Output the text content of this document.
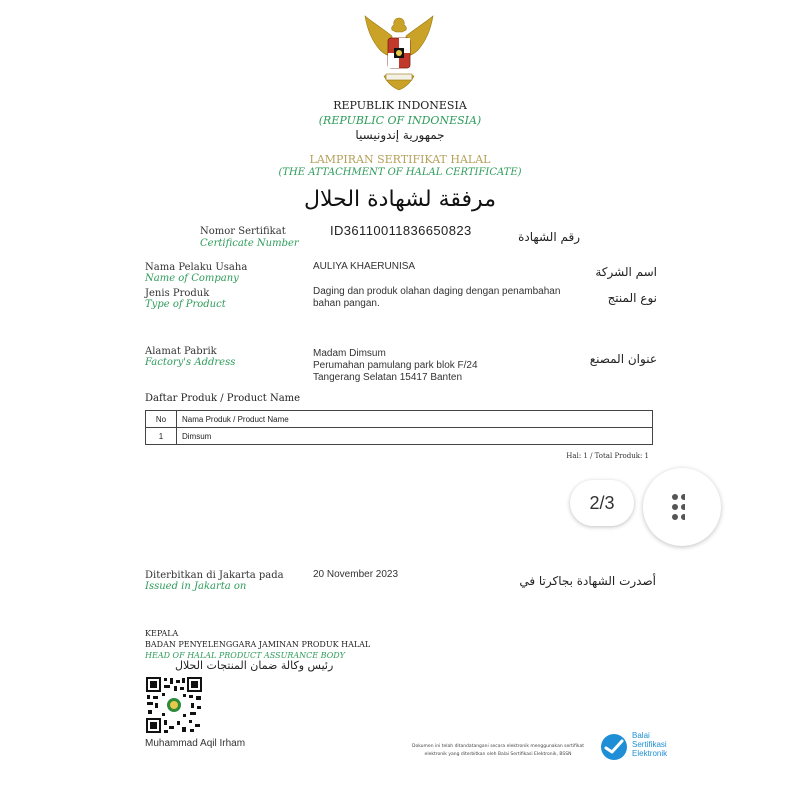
REPUBLIK INDONESIA
(REPUBLIC OF INDONESIA)
جمهورية إندونيسيا
LAMPIRAN SERTIFIKAT HALAL
(THE ATTACHMENT OF HALAL CERTIFICATE)
مرفقة لشهادة الحلال
Nomor Sertifikat
Certificate Number
ID36110011836650823	رقم الشهادة
Nama Pelaku Usaha
Name of Company
AULIYA KHAERUNISA	اسم الشركة
Jenis Produk
Type of Product
Daging dan produk olahan daging dengan penambahan
bahan pangan.	نوع المنتج
Alamat Pabrik
Factory's Address
Madam Dimsum
Perumahan pamulang park blok F/24
Tangerang Selatan 15417 Banten
عنوان المصنع
Daftar Produk / Product Name
No	Nama Produk / Product Name
1	Dimsum
Hal: 1 / Total Produk: 1
2/3
Diterbitkan di Jakarta pada
Issued in Jakarta on
20 November 2023	أصدرت الشهادة بجاكرتا في
KEPALA
BADAN PENYELENGGARA JAMINAN PRODUK HALAL
HEAD OF HALAL PRODUCT ASSURANCE BODY
رئيس وكالة ضمان المنتجات الحلال
Muhammad Aqil Irham	Dokumen ini telah ditandatangani secara elektronik menggunakan sertifikat
elektronik yang diterbitkan oleh Balai Sertifikasi Elektronik, BSSN
Balai
Sertifikasi
Elektronik
